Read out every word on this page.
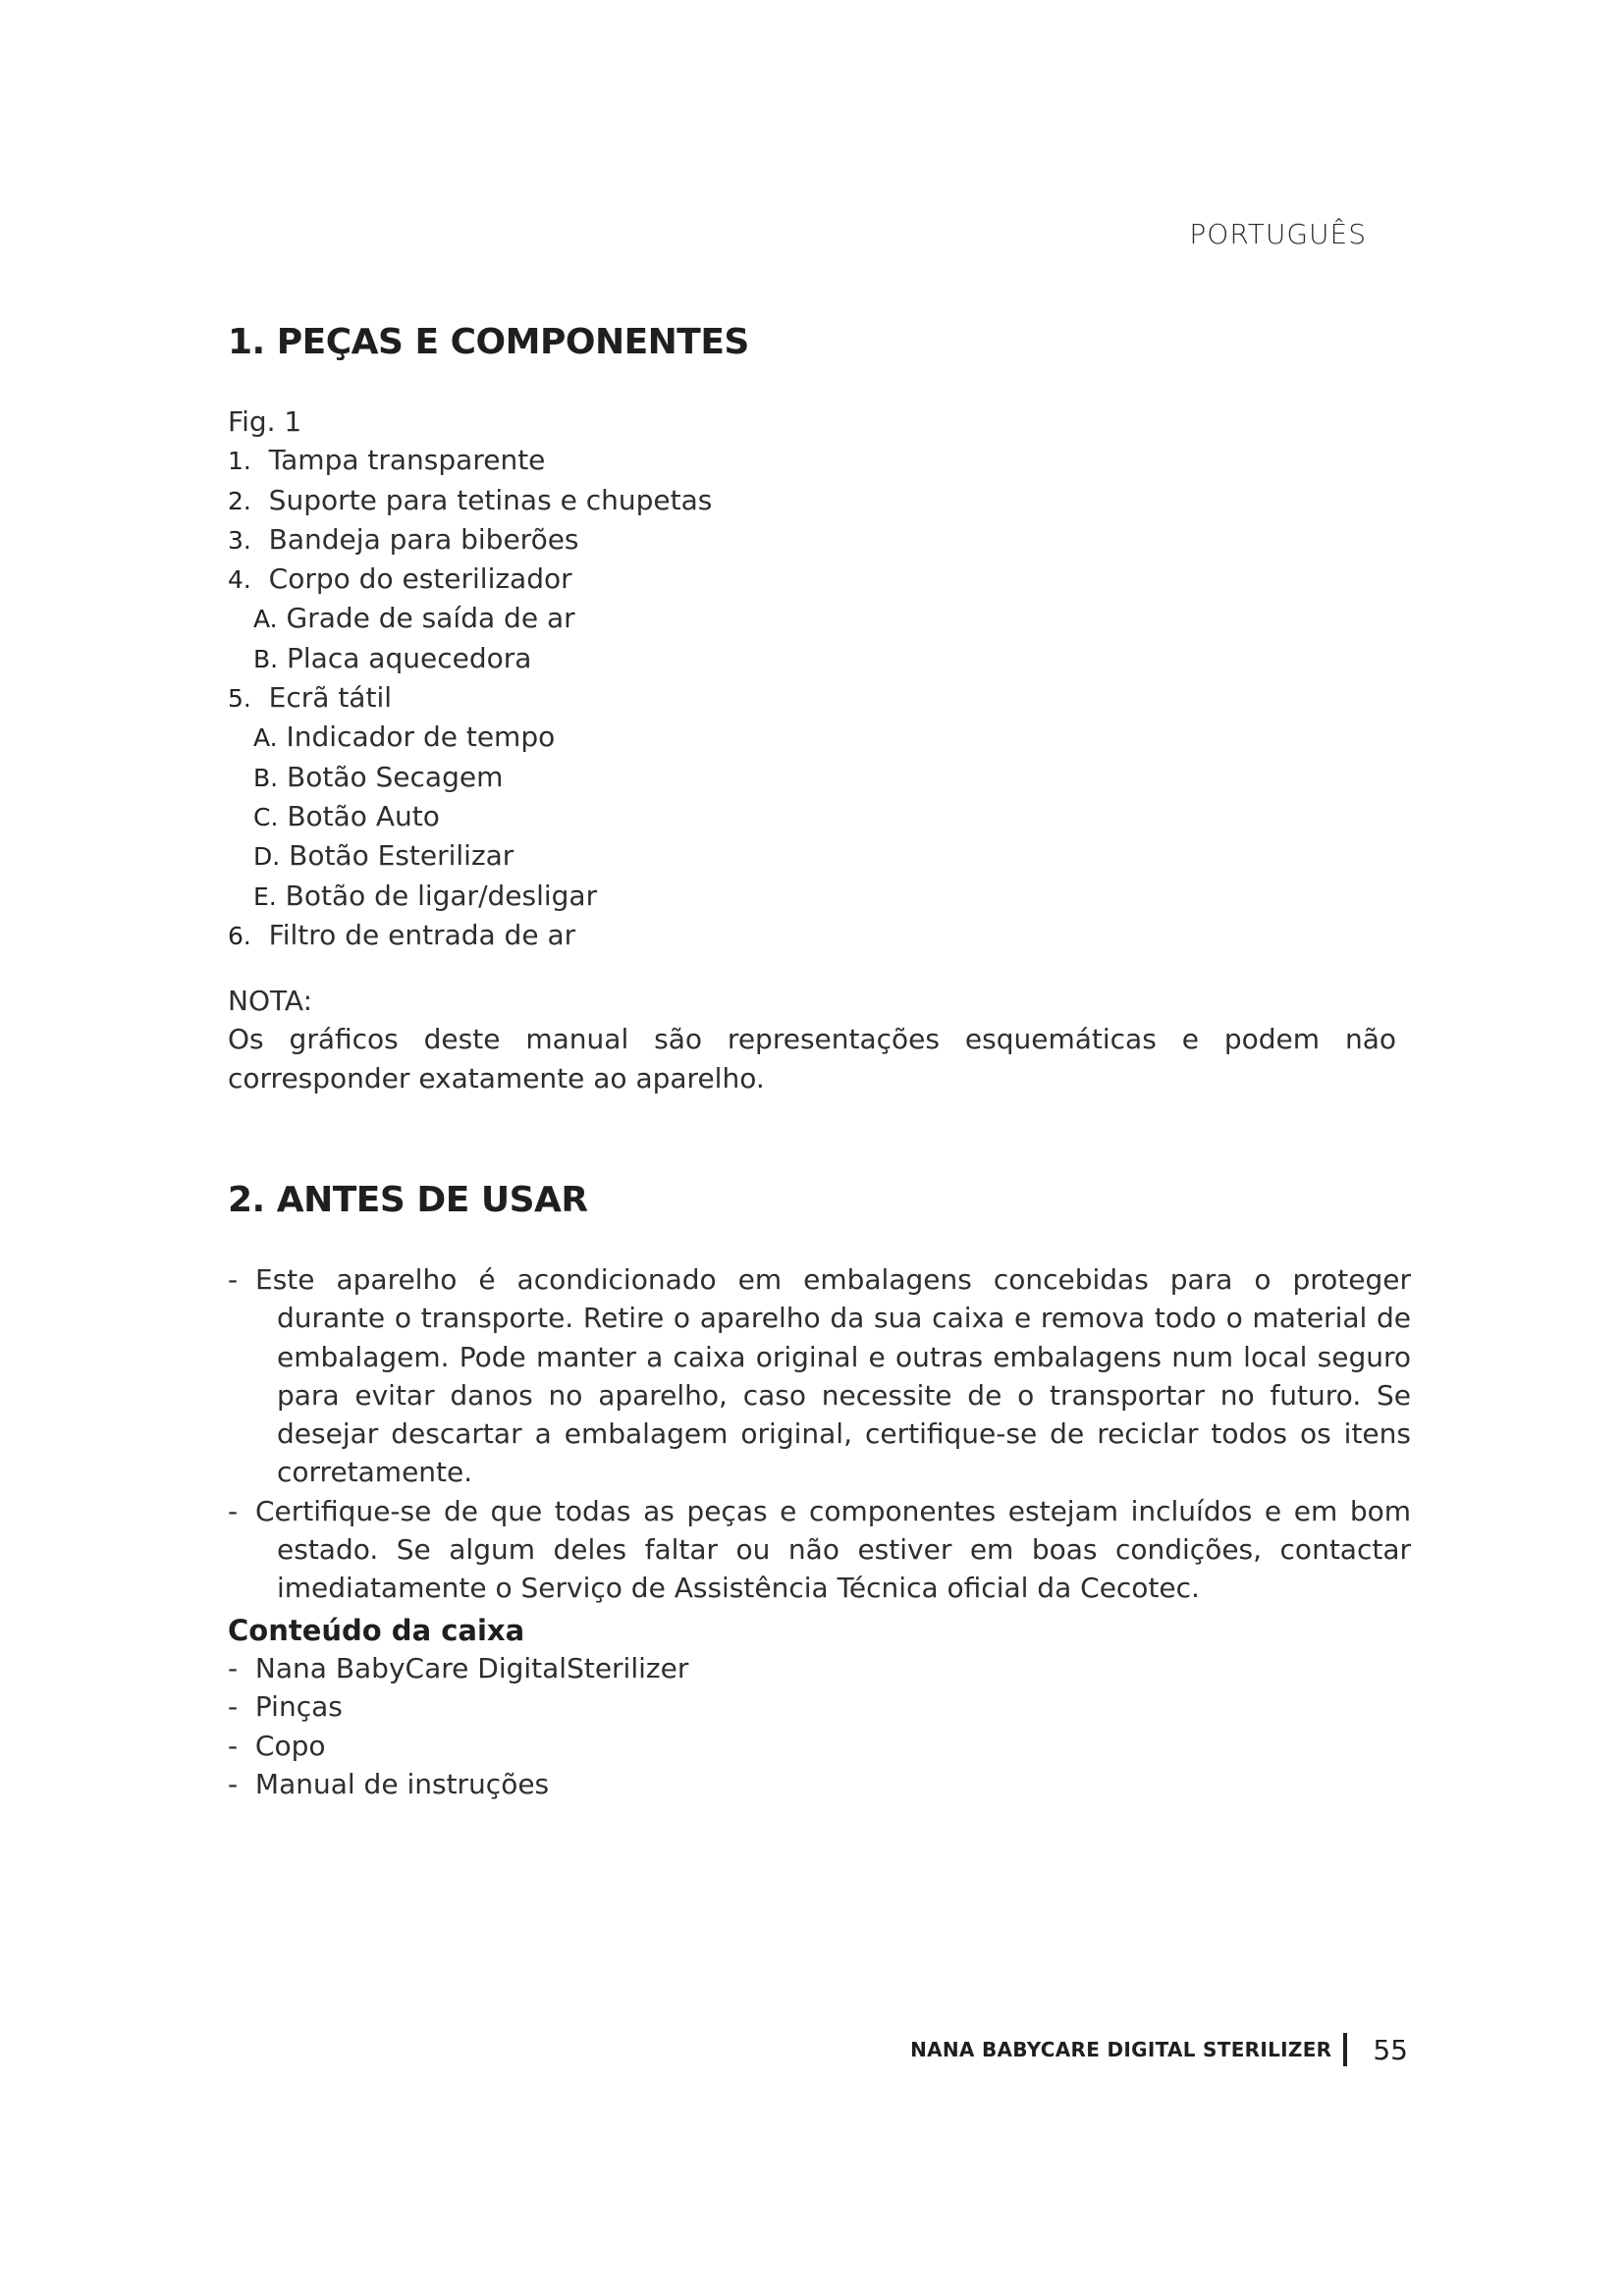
PORTUGUÊS
1. PEÇAS E COMPONENTES
Fig. 1
1. Tampa transparente
2. Suporte para tetinas e chupetas
3. Bandeja para biberões
4. Corpo do esterilizador
A. Grade de saída de ar
B. Placa aquecedora
5. Ecrã tátil
A. Indicador de tempo
B. Botão Secagem
C. Botão Auto
D. Botão Esterilizar
E. Botão de ligar/desligar
6. Filtro de entrada de ar
NOTA:
Os gráficos deste manual são representações esquemáticas e podem não corresponder exatamente ao aparelho.
2. ANTES DE USAR
- Este aparelho é acondicionado em embalagens concebidas para o proteger durante o transporte. Retire o aparelho da sua caixa e remova todo o material de embalagem. Pode manter a caixa original e outras embalagens num local seguro para evitar danos no aparelho, caso necessite de o transportar no futuro. Se desejar descartar a embalagem original, certifique-se de reciclar todos os itens corretamente.
- Certifique-se de que todas as peças e componentes estejam incluídos e em bom estado. Se algum deles faltar ou não estiver em boas condições, contactar imediatamente o Serviço de Assistência Técnica oficial da Cecotec.
Conteúdo da caixa
-  Nana BabyCare DigitalSterilizer
-  Pinças
-  Copo
-  Manual de instruções
NANA BABYCARE DIGITAL STERILIZER 55
